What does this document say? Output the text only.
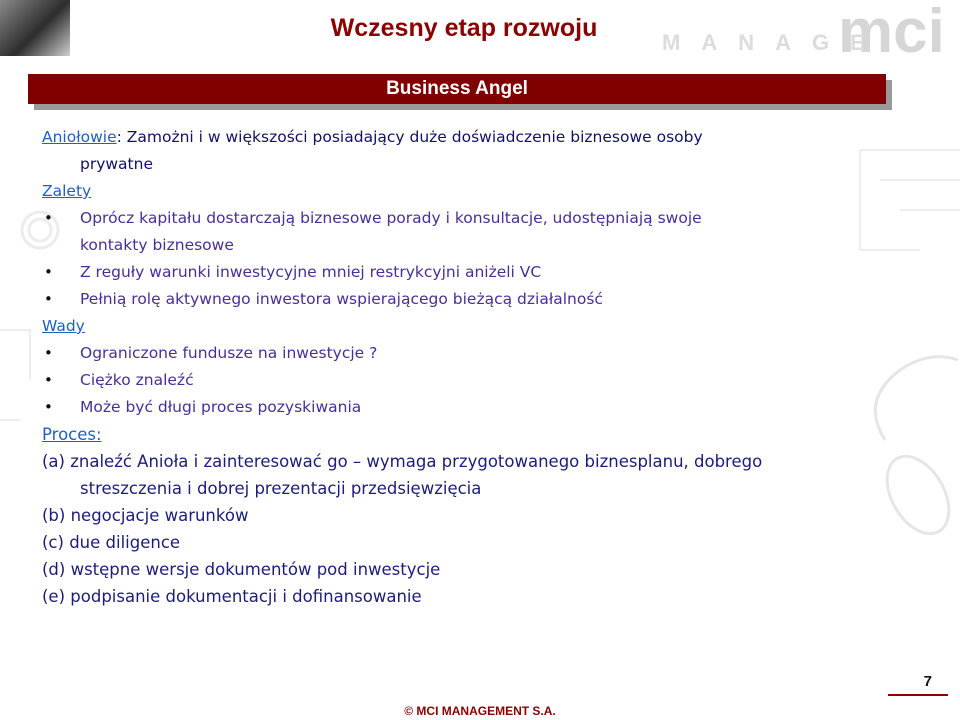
mci
MANAGE
Wczesny etap rozwoju
Business Angel
Aniołowie: Zamożni i w większości posiadający duże doświadczenie biznesowe osoby
prywatne
Zalety
• Oprócz kapitału dostarczają biznesowe porady i konsultacje, udostępniają swoje
kontakty biznesowe
• Z reguły warunki inwestycyjne mniej restrykcyjni aniżeli VC
• Pełnią rolę aktywnego inwestora wspierającego bieżącą działalność
Wady
• Ograniczone fundusze na inwestycje ?
• Ciężko znaleźć
• Może być długi proces pozyskiwania
Proces:
(a) znaleźć Anioła i zainteresować go – wymaga przygotowanego biznesplanu, dobrego
streszczenia i dobrej prezentacji przedsięwzięcia
(b) negocjacje warunków
(c) due diligence
(d) wstępne wersje dokumentów pod inwestycje
(e) podpisanie dokumentacji i dofinansowanie
7
© MCI MANAGEMENT S.A.
